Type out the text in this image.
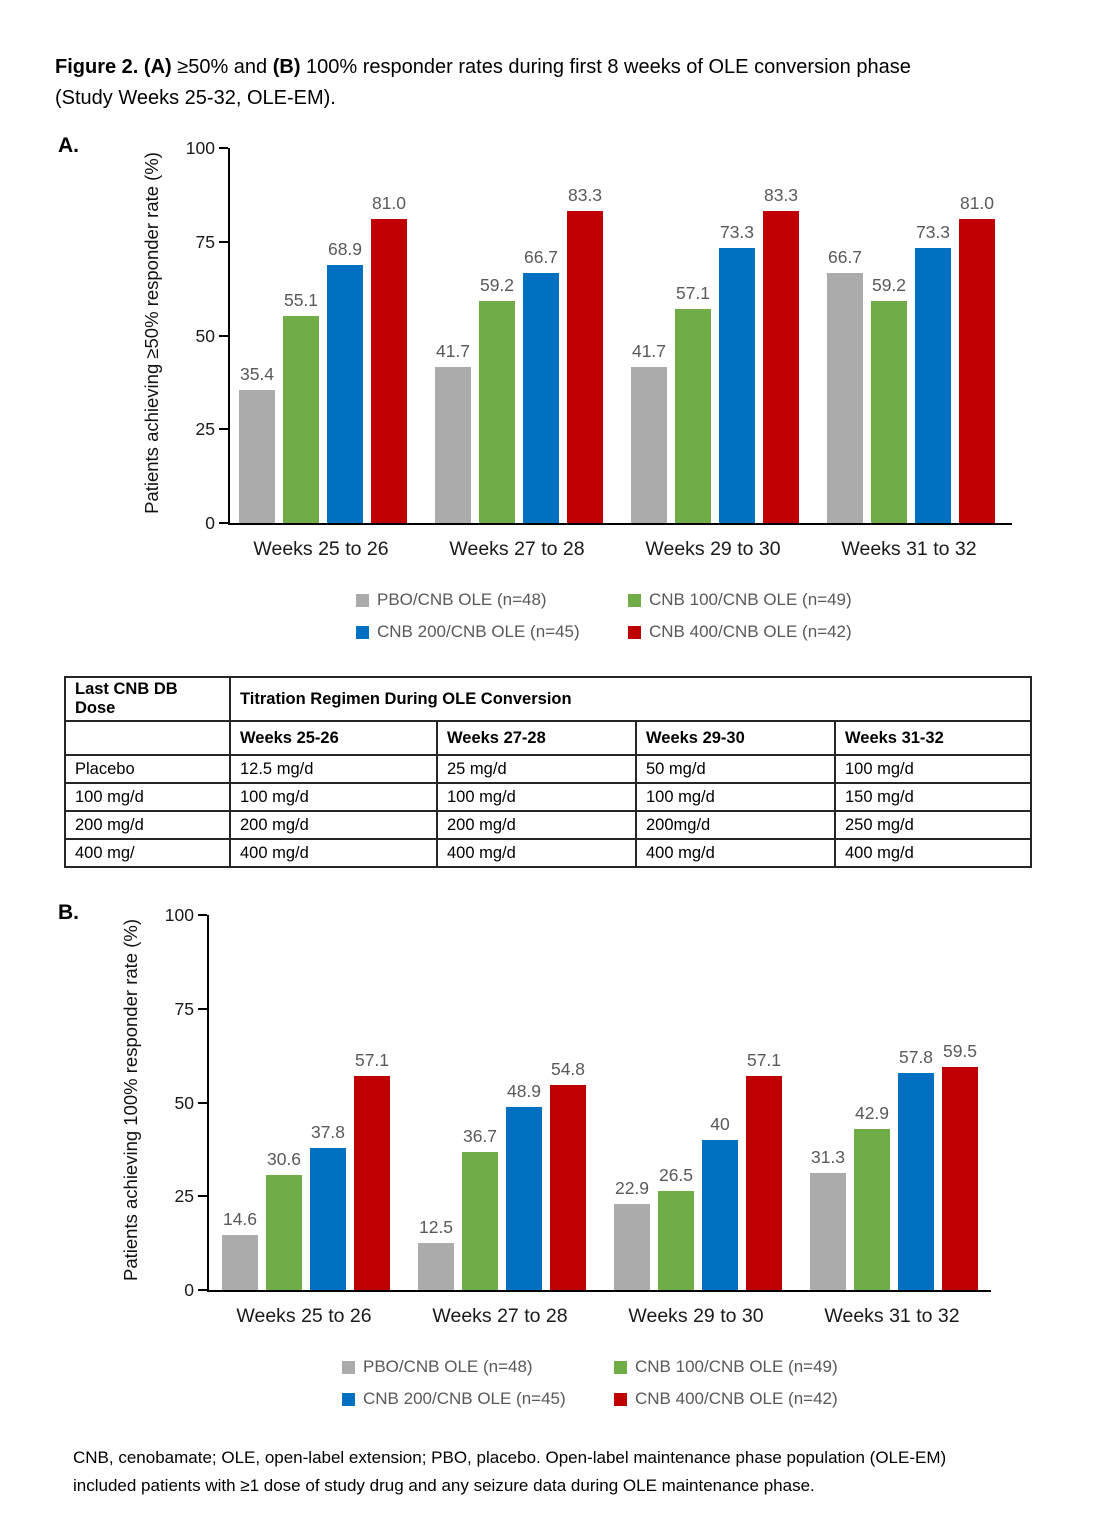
Figure 2. (A) ≥50% and (B) 100% responder rates during first 8 weeks of OLE conversion phase
(Study Weeks 25-32, OLE-EM).
A.
Patients achieving ≥50% responder rate (%)
0
25
50
75
100
35.4
55.1
68.9
81.0
41.7
59.2
66.7
83.3
41.7
57.1
73.3
83.3
66.7
59.2
73.3
81.0
Weeks 25 to 26	Weeks 27 to 28	Weeks 29 to 30	Weeks 31 to 32
PBO/CNB OLE (n=48)	CNB 100/CNB OLE (n=49)
CNB 200/CNB OLE (n=45)	CNB 400/CNB OLE (n=42)
Last CNB DB Dose	Titration Regimen During OLE Conversion			
	Weeks 25-26	Weeks 27-28	Weeks 29-30	Weeks 31-32
Placebo	12.5 mg/d	25 mg/d	50 mg/d	100 mg/d
100 mg/d	100 mg/d	100 mg/d	100 mg/d	150 mg/d
200 mg/d	200 mg/d	200 mg/d	200mg/d	250 mg/d
400 mg/	400 mg/d	400 mg/d	400 mg/d	400 mg/d
B.
Patients achieving 100% responder rate (%)
0
25
50
75
100
14.6
30.6
37.8
57.1
12.5
36.7
48.9
54.8
22.9
26.5
40
57.1
31.3
42.9
57.8 59.5
Weeks 25 to 26	Weeks 27 to 28	Weeks 29 to 30	Weeks 31 to 32
PBO/CNB OLE (n=48)	CNB 100/CNB OLE (n=49)
CNB 200/CNB OLE (n=45)	CNB 400/CNB OLE (n=42)
CNB, cenobamate; OLE, open-label extension; PBO, placebo. Open-label maintenance phase population (OLE-EM)
included patients with ≥1 dose of study drug and any seizure data during OLE maintenance phase.
